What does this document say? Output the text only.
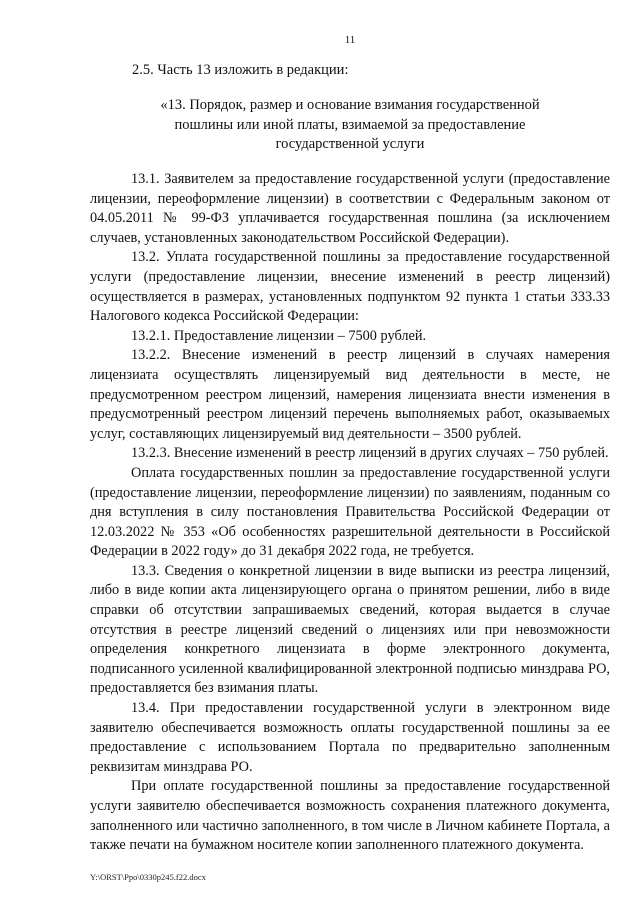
11
2.5. Часть 13 изложить в редакции:
«13. Порядок, размер и основание взимания государственной
пошлины или иной платы, взимаемой за предоставление
государственной услуги

13.1. Заявителем за предоставление государственной услуги (предоставление лицензии, переоформление лицензии) в соответствии с Федеральным законом от 04.05.2011 № 99-ФЗ уплачивается государственная пошлина (за исключением случаев, установленных законодательством Российской Федерации).

13.2. Уплата государственной пошлины за предоставление государственной услуги (предоставление лицензии, внесение изменений в реестр лицензий) осуществляется в размерах, установленных подпунктом 92 пункта 1 статьи 333.33 Налогового кодекса Российской Федерации:

13.2.1. Предоставление лицензии – 7500 рублей.

13.2.2. Внесение изменений в реестр лицензий в случаях намерения лицензиата осуществлять лицензируемый вид деятельности в месте, не предусмотренном реестром лицензий, намерения лицензиата внести изменения в предусмотренный реестром лицензий перечень выполняемых работ, оказываемых услуг, составляющих лицензируемый вид деятельности – 3500 рублей.

13.2.3. Внесение изменений в реестр лицензий в других случаях – 750 рублей.

Оплата государственных пошлин за предоставление государственной услуги (предоставление лицензии, переоформление лицензии) по заявлениям, поданным со дня вступления в силу постановления Правительства Российской Федерации от 12.03.2022 № 353 «Об особенностях разрешительной деятельности в Российской Федерации в 2022 году» до 31 декабря 2022 года, не требуется.

13.3. Сведения о конкретной лицензии в виде выписки из реестра лицензий, либо в виде копии акта лицензирующего органа о принятом решении, либо в виде справки об отсутствии запрашиваемых сведений, которая выдается в случае отсутствия в реестре лицензий сведений о лицензиях или при невозможности определения конкретного лицензиата в форме электронного документа, подписанного усиленной квалифицированной электронной подписью минздрава РО, предоставляется без взимания платы.

13.4. При предоставлении государственной услуги в электронном виде заявителю обеспечивается возможность оплаты государственной пошлины за ее предоставление с использованием Портала по предварительно заполненным реквизитам минздрава РО.

При оплате государственной пошлины за предоставление государственной услуги заявителю обеспечивается возможность сохранения платежного документа, заполненного или частично заполненного, в том числе в Личном кабинете Портала, а также печати на бумажном носителе копии заполненного платежного документа.

Y:\ORST\Ppo\0330p245.f22.docx
